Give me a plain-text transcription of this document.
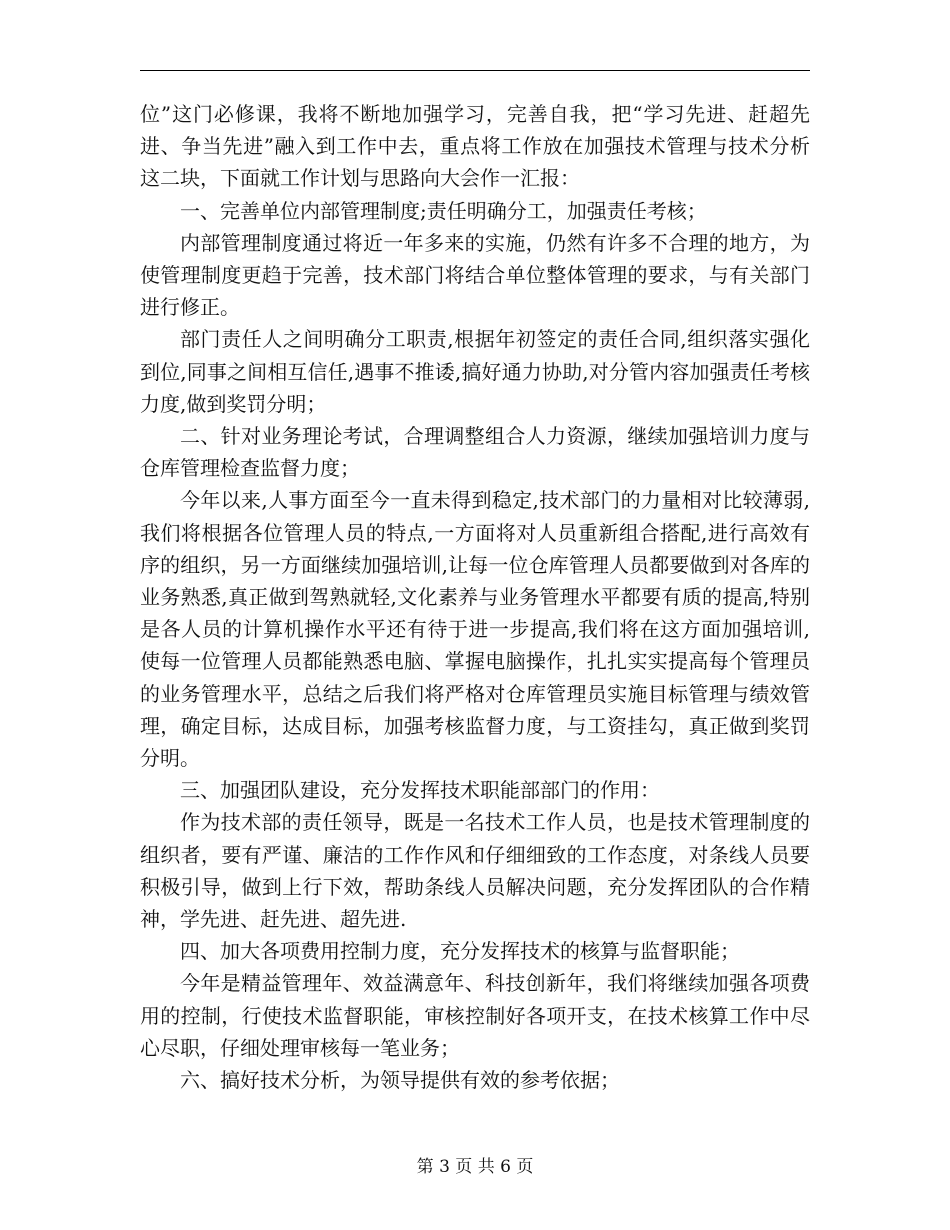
位”这门必修课，我将不断地加强学习，完善自我，把“学习先进、赶超先进、争当先进”融入到工作中去，重点将工作放在加强技术管理与技术分析这二块，下面就工作计划与思路向大会作一汇报：

一、完善单位内部管理制度;责任明确分工，加强责任考核；

内部管理制度通过将近一年多来的实施，仍然有许多不合理的地方，为使管理制度更趋于完善，技术部门将结合单位整体管理的要求，与有关部门进行修正。

部门责任人之间明确分工职责,根据年初签定的责任合同,组织落实强化到位,同事之间相互信任,遇事不推诿,搞好通力协助,对分管内容加强责任考核力度,做到奖罚分明；

二、针对业务理论考试，合理调整组合人力资源，继续加强培训力度与仓库管理检查监督力度；

今年以来,人事方面至今一直未得到稳定,技术部门的力量相对比较薄弱,我们将根据各位管理人员的特点,一方面将对人员重新组合搭配,进行高效有序的组织，另一方面继续加强培训,让每一位仓库管理人员都要做到对各库的业务熟悉,真正做到驾熟就轻,文化素养与业务管理水平都要有质的提高,特别是各人员的计算机操作水平还有待于进一步提高,我们将在这方面加强培训,使每一位管理人员都能熟悉电脑、掌握电脑操作，扎扎实实提高每个管理员的业务管理水平，总结之后我们将严格对仓库管理员实施目标管理与绩效管理，确定目标，达成目标，加强考核监督力度，与工资挂勾，真正做到奖罚分明。

三、加强团队建设，充分发挥技术职能部部门的作用：

作为技术部的责任领导，既是一名技术工作人员，也是技术管理制度的组织者，要有严谨、廉洁的工作作风和仔细细致的工作态度，对条线人员要积极引导，做到上行下效，帮助条线人员解决问题，充分发挥团队的合作精神，学先进、赶先进、超先进.

四、加大各项费用控制力度，充分发挥技术的核算与监督职能；

今年是精益管理年、效益满意年、科技创新年，我们将继续加强各项费用的控制，行使技术监督职能，审核控制好各项开支，在技术核算工作中尽心尽职，仔细处理审核每一笔业务；

六、搞好技术分析，为领导提供有效的参考依据；

第 3 页 共 6 页
